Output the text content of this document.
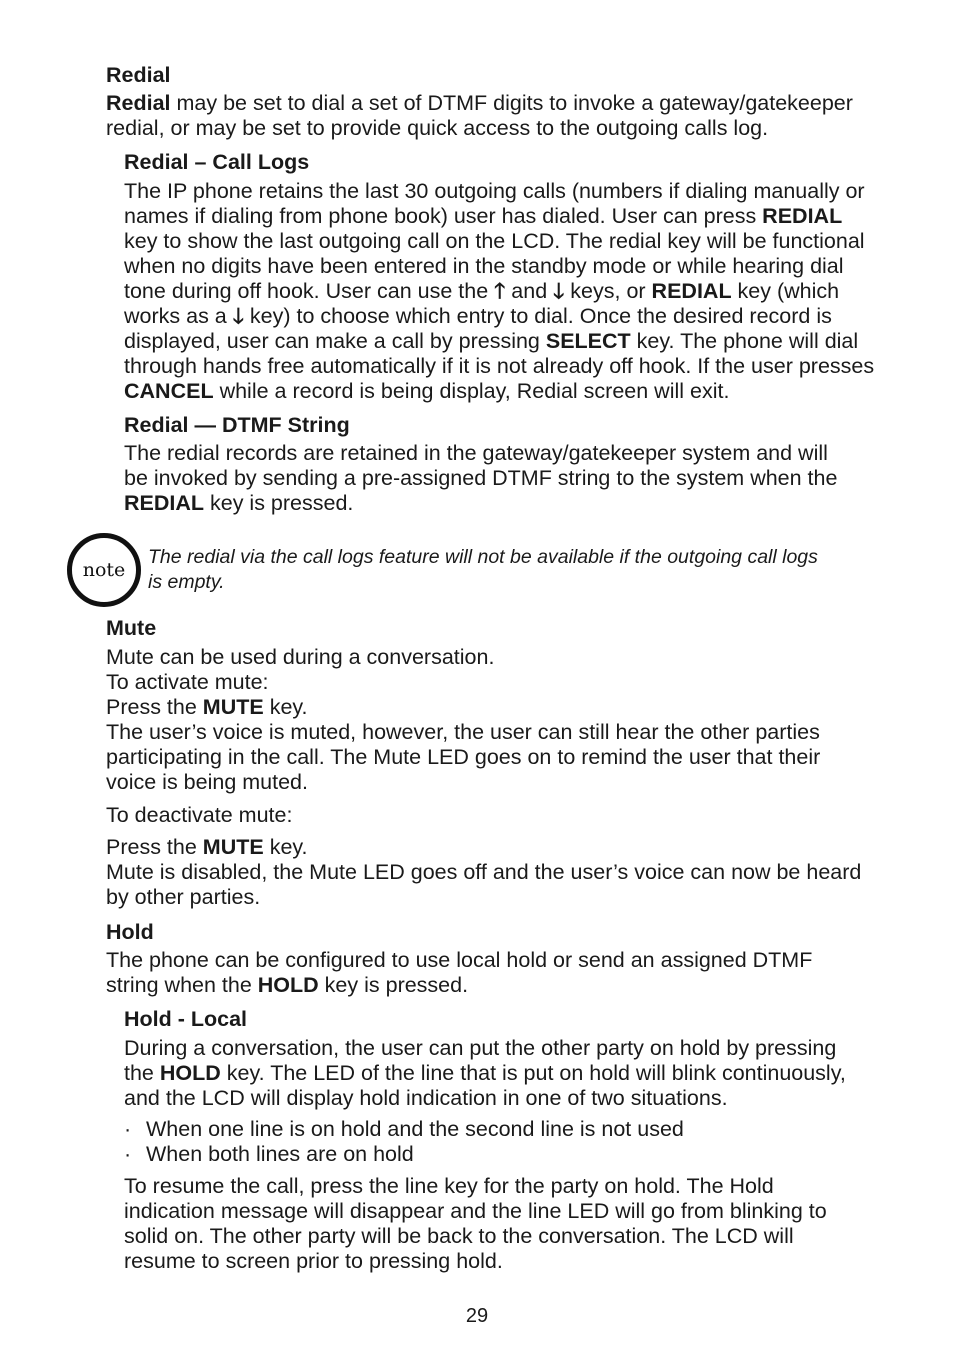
Redial
Redial may be set to dial a set of DTMF digits to invoke a gateway/gatekeeper
redial, or may be set to provide quick access to the outgoing calls log.
Redial – Call Logs
The IP phone retains the last 30 outgoing calls (numbers if dialing manually or
names if dialing from phone book) user has dialed. User can press REDIAL
key to show the last outgoing call on the LCD. The redial key will be functional
when no digits have been entered in the standby mode or while hearing dial
tone during off hook. User can use the 🡑 and 🡓 keys, or REDIAL key (which
works as a 🡓 key) to choose which entry to dial. Once the desired record is
displayed, user can make a call by pressing SELECT key. The phone will dial
through hands free automatically if it is not already off hook. If the user presses
CANCEL while a record is being display, Redial screen will exit.
Redial — DTMF String
The redial records are retained in the gateway/gatekeeper system and will
be invoked by sending a pre-assigned DTMF string to the system when the
REDIAL key is pressed.
note
The redial via the call logs feature will not be available if the outgoing call logs
is empty.
Mute
Mute can be used during a conversation.
To activate mute:
Press the MUTE key.
The user’s voice is muted, however, the user can still hear the other parties
participating in the call. The Mute LED goes on to remind the user that their
voice is being muted.
To deactivate mute:
Press the MUTE key.
Mute is disabled, the Mute LED goes off and the user’s voice can now be heard
by other parties.
Hold
The phone can be configured to use local hold or send an assigned DTMF
string when the HOLD key is pressed.
Hold - Local
During a conversation, the user can put the other party on hold by pressing
the HOLD key. The LED of the line that is put on hold will blink continuously,
and the LCD will display hold indication in one of two situations.
· When one line is on hold and the second line is not used
· When both lines are on hold
To resume the call, press the line key for the party on hold. The Hold
indication message will disappear and the line LED will go from blinking to
solid on. The other party will be back to the conversation. The LCD will
resume to screen prior to pressing hold.
29
